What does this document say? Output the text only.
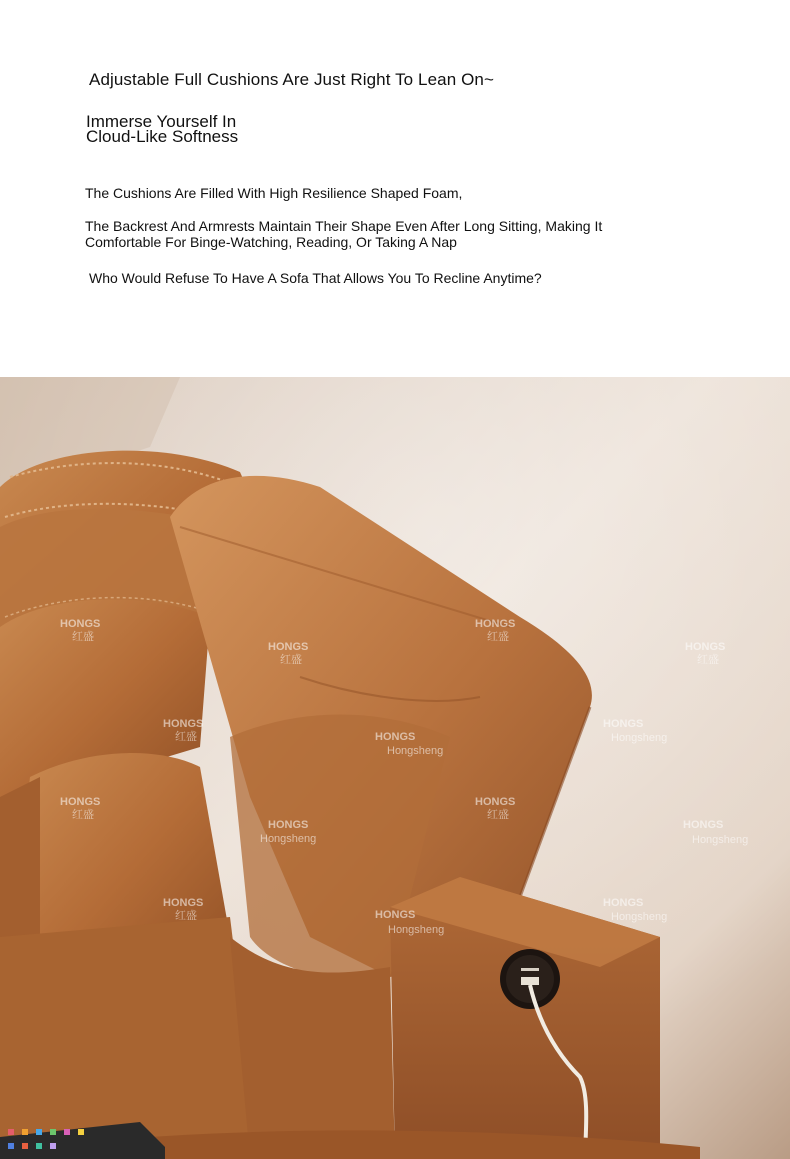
Adjustable Full Cushions Are Just Right To Lean On~

Immerse Yourself In
Cloud-Like Softness

The Cushions Are Filled With High Resilience Shaped Foam,

The Backrest And Armrests Maintain Their Shape Even After Long Sitting, Making It
Comfortable For Binge-Watching, Reading, Or Taking A Nap

Who Would Refuse To Have A Sofa That Allows You To Recline Anytime?

HONGS
红盛
HONGS
红盛
HONGS
红盛
HONGS
红盛
HONGS
红盛	HONGS
Hongsheng
HONGS
Hongsheng
HONGS
红盛
HONGS
Hongsheng
HONGS
红盛
HONGS
Hongsheng
HONGS
红盛	HONGS
Hongsheng
HONGS
Hongsheng
